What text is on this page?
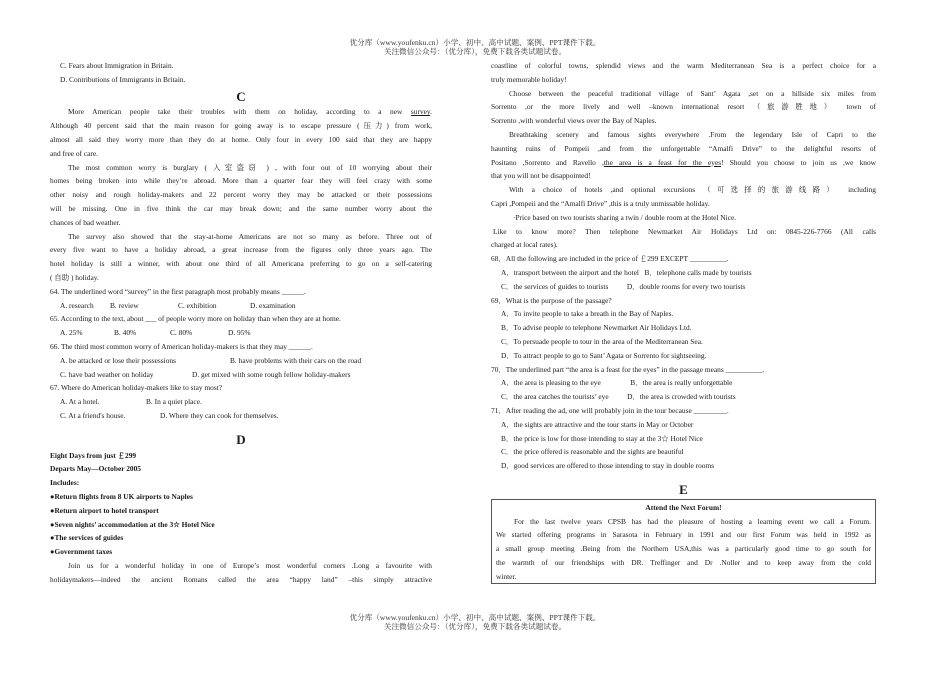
优分库（www.youfenku.cn）小学、初中、高中试题、案例、PPT课件下载。
关注微信公众号：（优分库），免费下载各类试题试卷。
C. Fears about Immigration in Britain.
D. Contributions of Immigrants in Britain.
C
More American people take their troubles with them on holiday, according to a new survey.
Although 40 percent said that the main reason for going away is to escape pressure (压力) from work,
almost all said they worry more than they do at home. Only four in every 100 said that they are happy
and free of care.
The most common worry is burglary ( 入室盗窃 ) , with four out of 10 worrying about their
homes being broken into while they’re abroad. More than a quarter fear they will feel crazy with some
other noisy and rough holiday-makers and 22 percent worry they may be attacked or their possessions
will be missing. One in five think the car may break down; and the same number worry about the
chances of bad weather.
The survey also showed that the stay-at-home Americans are not so many as before. Three out of
every five want to have a holiday abroad, a great increase from the figures only three years ago. The
hotel holiday is still a winner, with about one third of all Americana preferring to go on a self-catering
( 自助 ) holiday.
64. The underlined word “survey” in the first paragraph most probably means ______.
A. research B. review	C. exhibition	D. examination
65. According to the text, about ___ of people worry more on holiday than when they are at home.
A. 25%	B. 40%	C. 80%	D. 95%
66. The third most common worry of American holiday-makers is that they may ______.
A. be attacked or lose their possessions	B. have problems with their cars on the road
C. have bad weather on holiday	D. get mixed with some rough fellow holiday-makers
67. Where do American holiday-makers like to stay most?
A. At a hotel.	B. In a quiet place.
C. At a friend's house.	D. Where they can cook for themselves.
D
Eight Days from just ￡299
Departs May—October 2005
Includes:
●Return flights from 8 UK airports to Naples
●Return airport to hotel transport
●Seven nights’ accommodation at the 3☆ Hotel Nice
●The services of guides
●Government taxes
Join us for a wonderful holiday in one of Europe’s most wonderful corners .Long a favourite with
holidaymakers—indeed the ancient Romans called the area “happy land” –this simply attractive
coastline of colorful towns, splendid views and the warm Mediterranean Sea is a perfect choice for a
truly memorable holiday!
Choose between the peaceful traditional village of Sant’ Agata ,set on a hillside six miles from
Sorrento ,or the more lively and well –known international resort （旅游胜地） town of
Sorrento ,with wonderful views over the Bay of Naples.
Breathtaking scenery and famous sights everywhere .From the legendary Isle of Capri to the
haunting ruins of Pompeii ,and from the unforgettable “Amalfi Drive” to the delightful resorts of
Positano ,Sorrento and Ravello ,the area is a feast for the eyes! Should you choose to join us ,we know
that you will not be disappointed!
With a choice of hotels ,and optional excursions （可选择的旅游线路） including
Capri ,Pompeii and the “Amalfi Drive” ,this is a truly unmissable holiday.
·Price based on two tourists sharing a twin / double room at the Hotel Nice.
Like to know more? Then telephone Newmarket Air Holidays Ltd on: 0845-226-7766 (All calls
charged at local rates).
68．All the following are included in the price of ￡299 EXCEPT __________.
A．transport between the airport and the hotel   B．telephone calls made by tourists
C．the services of guides to tourists          D．double rooms for every two tourists
69．What is the purpose of the passage?
A．To invite people to take a breath in the Bay of Naples.
B．To advise people to telephone Newmarket Air Holidays Ltd.
C．To persuade people to tour in the area of the Mediterranean Sea.
D．To attract people to go to Sant’ Agata or Sorrento for sightseeing.
70．The underlined part “the area is a feast for the eyes” in the passage means __________.
A．the area is pleasing to the eye                B．the area is really unforgettable
C．the area catches the tourists’ eye          D．the area is crowded with tourists
71．After reading the ad, one will probably join in the tour because _________.
A．the sights are attractive and the tour starts in May or October
B．the price is low for those intending to stay at the 3☆ Hotel Nice
C．the price offered is reasonable and the sights are beautiful
D．good services are offered to those intending to stay in double rooms
E
Attend the Next Forum!
For the last twelve years CPSB has had the pleasure of hosting a learning event we call a Forum.
We started offering programs in Sarasota in February in 1991 and our first Forum was held in 1992 as
a small group meeting .Being from the Northern USA,this was a particularly good time to go south for
the warmth of our friendships with DR. Treffinger and Dr .Noller and to keep away from the cold
winter.
优分库（www.youfenku.cn）小学、初中、高中试题、案例、PPT课件下载。
关注微信公众号：（优分库），免费下载各类试题试卷。
